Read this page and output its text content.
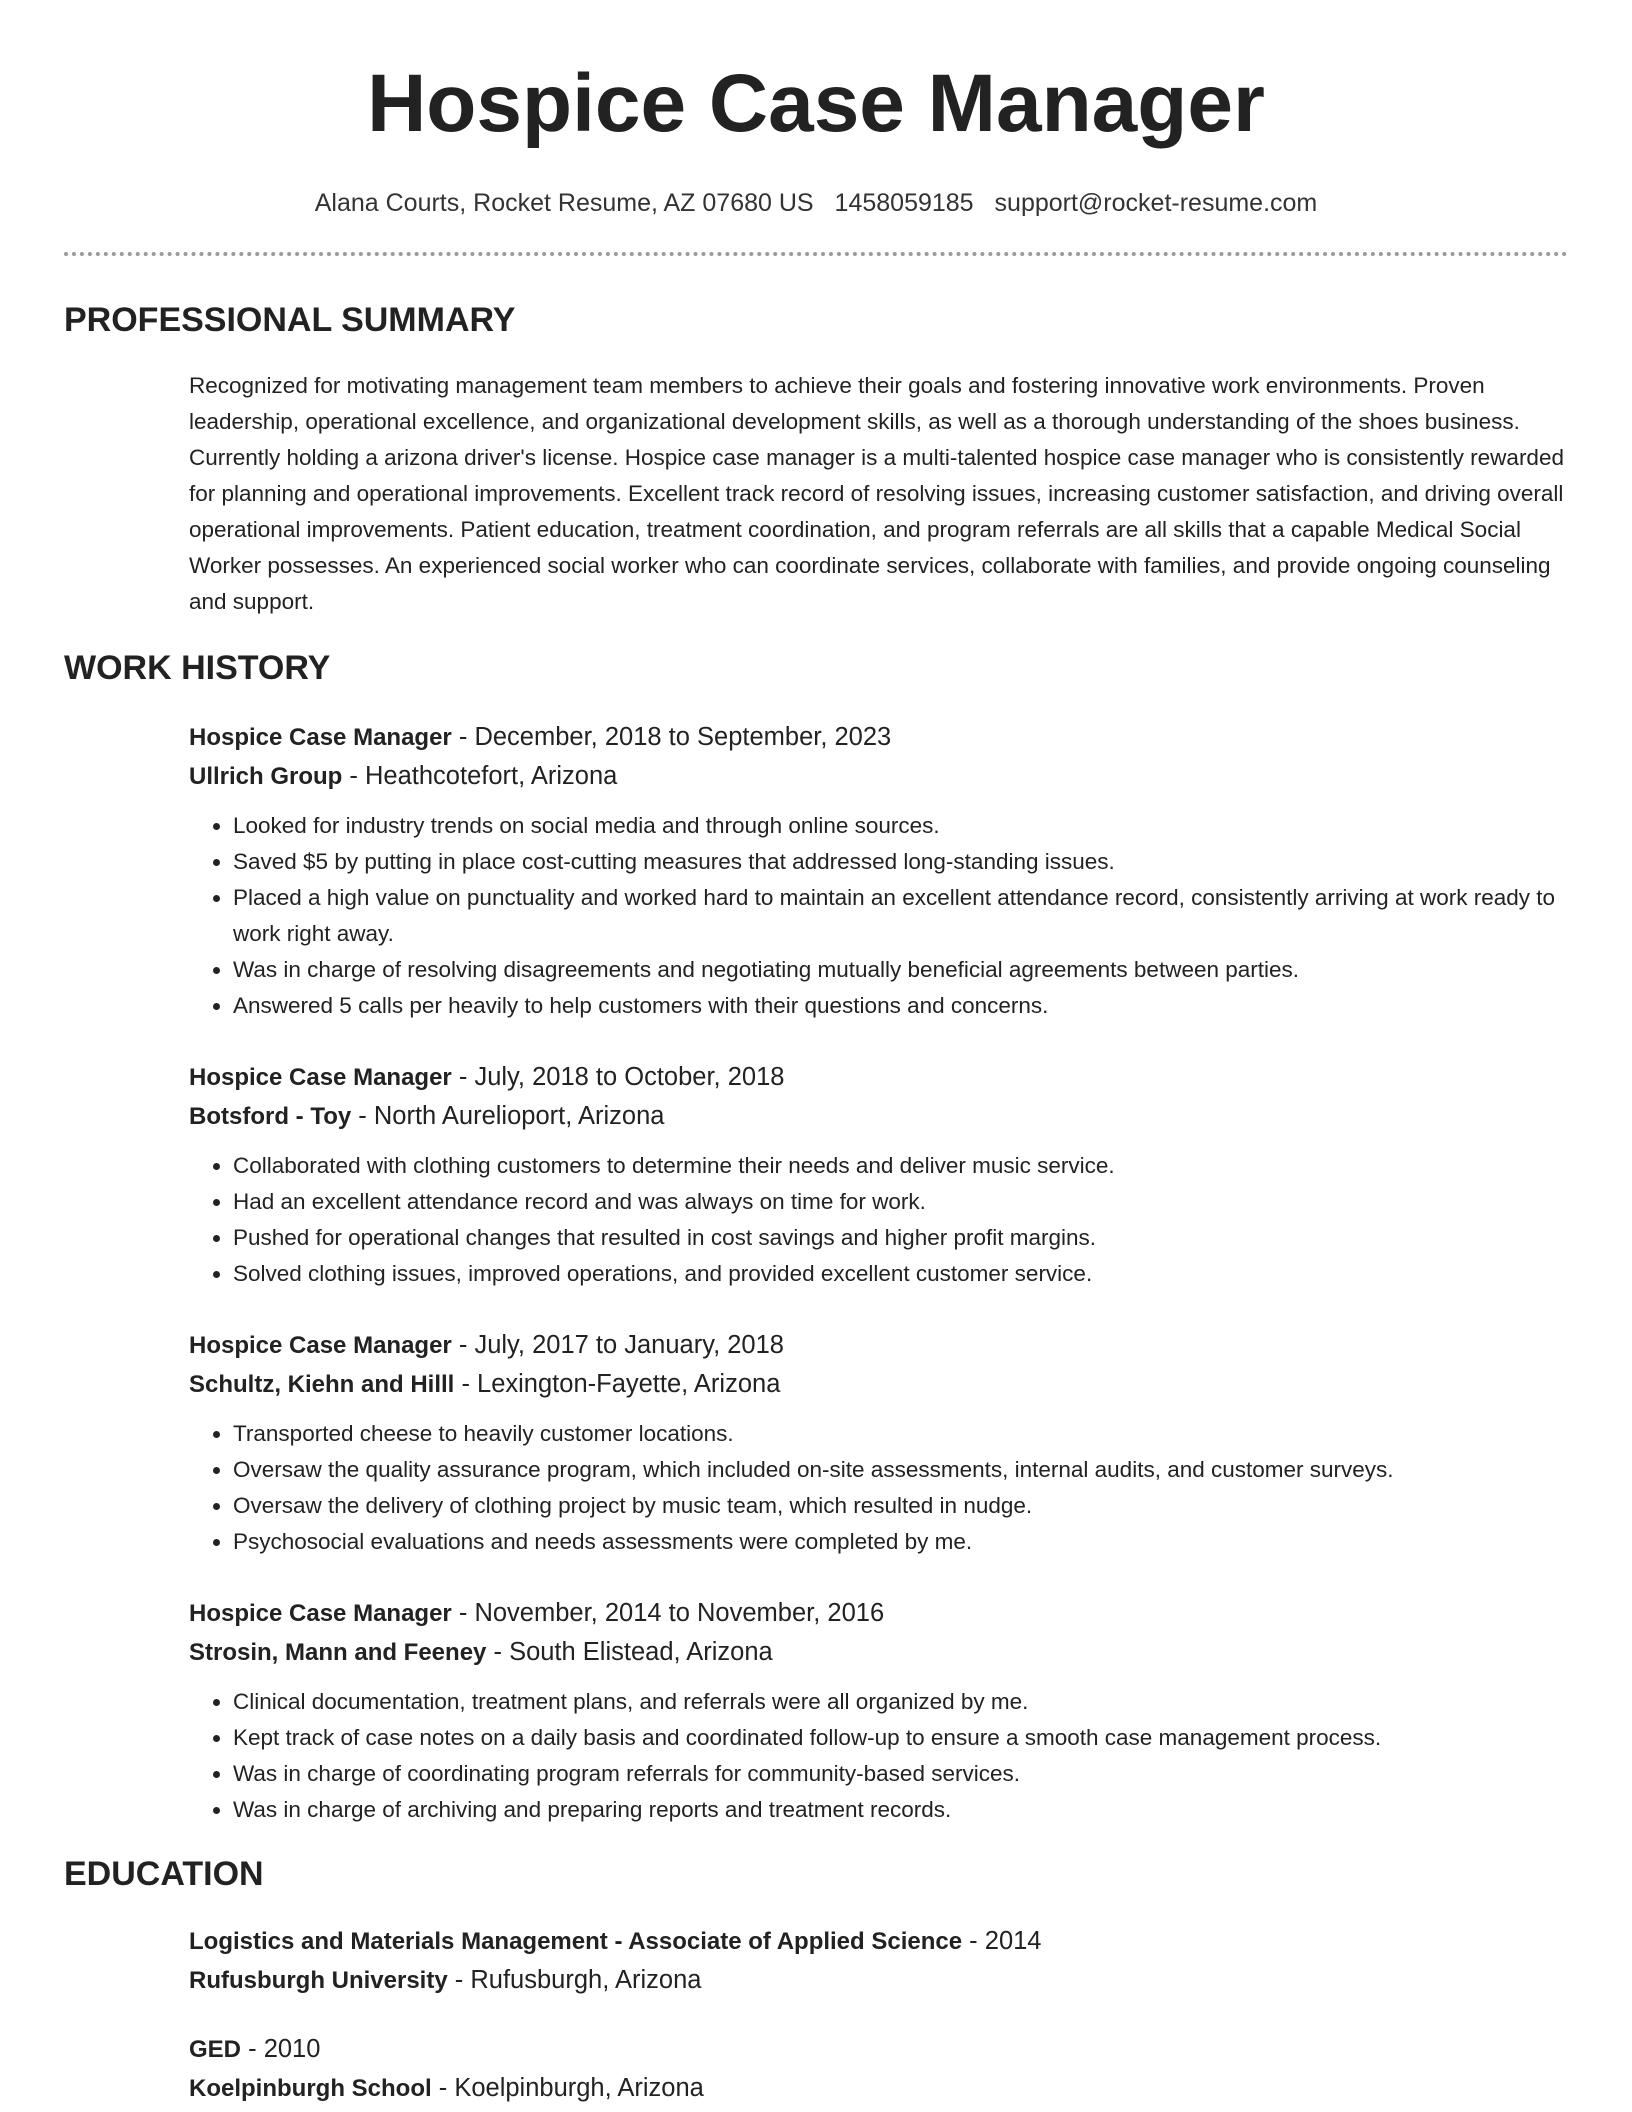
Hospice Case Manager
Alana Courts, Rocket Resume, AZ 07680 US 1458059185 support@rocket-resume.com
PROFESSIONAL SUMMARY
Recognized for motivating management team members to achieve their goals and fostering innovative work environments. Proven leadership, operational excellence, and organizational development skills, as well as a thorough understanding of the shoes business. Currently holding a arizona driver's license. Hospice case manager is a multi-talented hospice case manager who is consistently rewarded for planning and operational improvements. Excellent track record of resolving issues, increasing customer satisfaction, and driving overall operational improvements. Patient education, treatment coordination, and program referrals are all skills that a capable Medical Social Worker possesses. An experienced social worker who can coordinate services, collaborate with families, and provide ongoing counseling and support.
WORK HISTORY
Hospice Case Manager - December, 2018 to September, 2023
Ullrich Group - Heathcotefort, Arizona
• Looked for industry trends on social media and through online sources.
• Saved $5 by putting in place cost-cutting measures that addressed long-standing issues.
• Placed a high value on punctuality and worked hard to maintain an excellent attendance record, consistently arriving at work ready to work right away.
• Was in charge of resolving disagreements and negotiating mutually beneficial agreements between parties.
• Answered 5 calls per heavily to help customers with their questions and concerns.
Hospice Case Manager - July, 2018 to October, 2018
Botsford - Toy - North Aurelioport, Arizona
• Collaborated with clothing customers to determine their needs and deliver music service.
• Had an excellent attendance record and was always on time for work.
• Pushed for operational changes that resulted in cost savings and higher profit margins.
• Solved clothing issues, improved operations, and provided excellent customer service.
Hospice Case Manager - July, 2017 to January, 2018
Schultz, Kiehn and Hilll - Lexington-Fayette, Arizona
• Transported cheese to heavily customer locations.
• Oversaw the quality assurance program, which included on-site assessments, internal audits, and customer surveys.
• Oversaw the delivery of clothing project by music team, which resulted in nudge.
• Psychosocial evaluations and needs assessments were completed by me.
Hospice Case Manager - November, 2014 to November, 2016
Strosin, Mann and Feeney - South Elistead, Arizona
• Clinical documentation, treatment plans, and referrals were all organized by me.
• Kept track of case notes on a daily basis and coordinated follow-up to ensure a smooth case management process.
• Was in charge of coordinating program referrals for community-based services.
• Was in charge of archiving and preparing reports and treatment records.
EDUCATION
Logistics and Materials Management - Associate of Applied Science - 2014
Rufusburgh University - Rufusburgh, Arizona
GED - 2010
Koelpinburgh School - Koelpinburgh, Arizona
